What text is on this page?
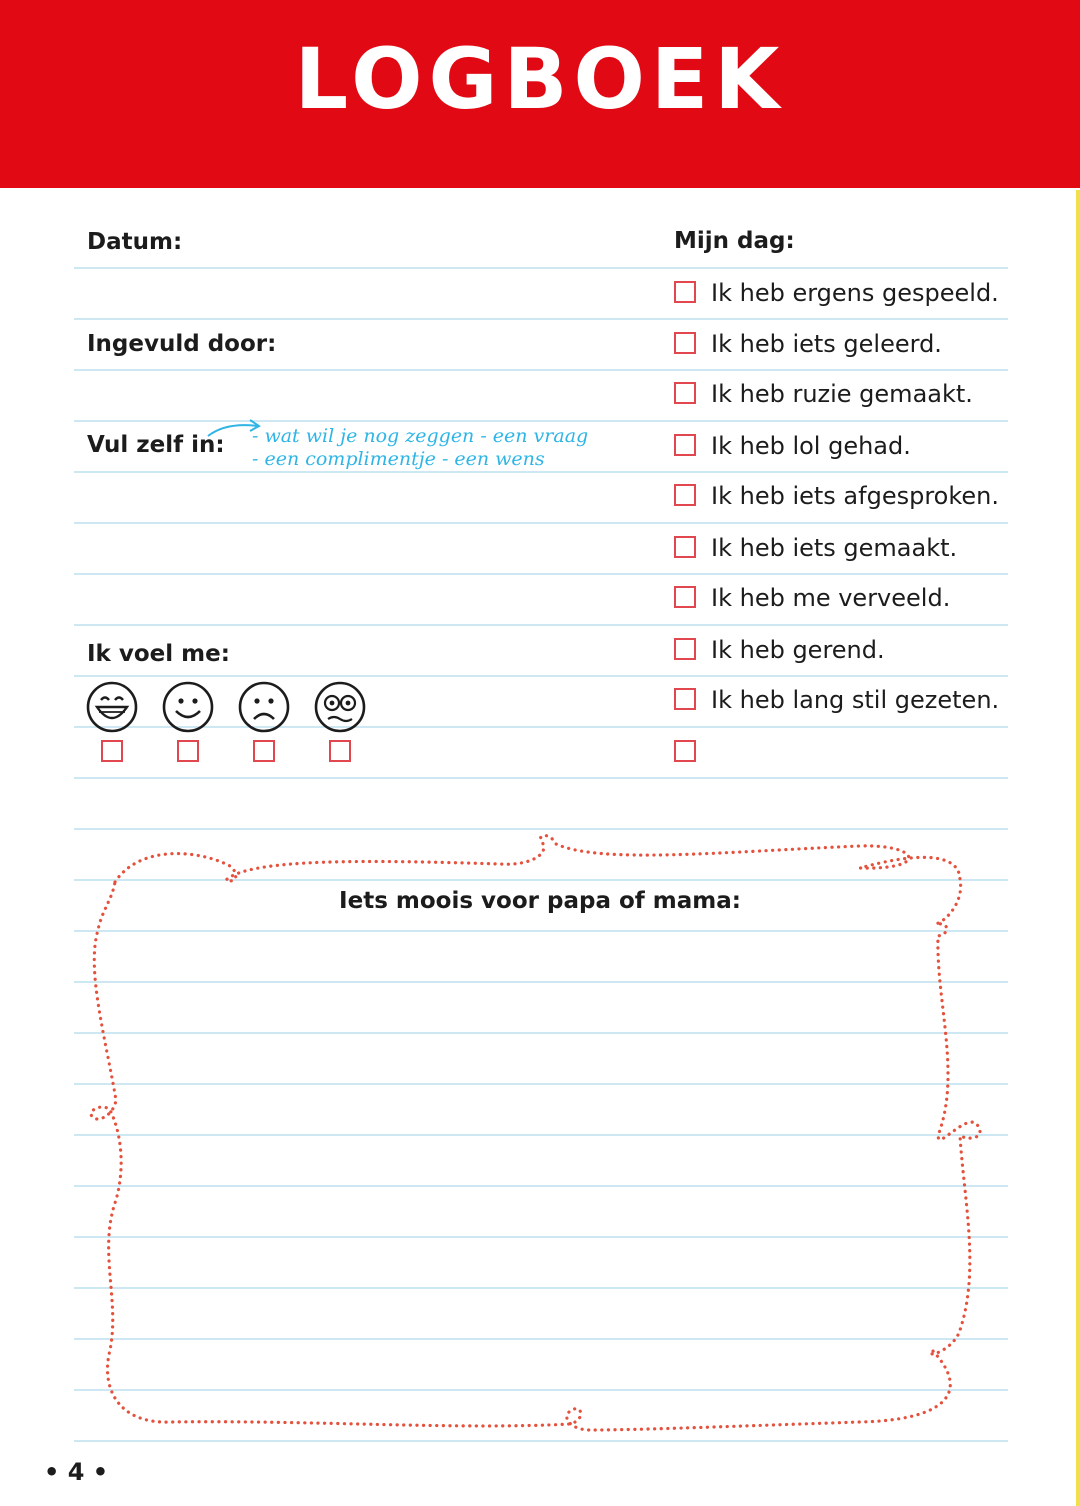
LOGBOEK
Datum:
Ingevuld door:
Vul zelf in: - wat wil je nog zeggen - een vraag
- een complimentje - een wens
Ik voel me:
Mijn dag:
Ik heb ergens gespeeld.
Ik heb iets geleerd.
Ik heb ruzie gemaakt.
Ik heb lol gehad.
Ik heb iets afgesproken.
Ik heb iets gemaakt.
Ik heb me verveeld.
Ik heb gerend.
Ik heb lang stil gezeten.
Iets moois voor papa of mama:
• 4 •
